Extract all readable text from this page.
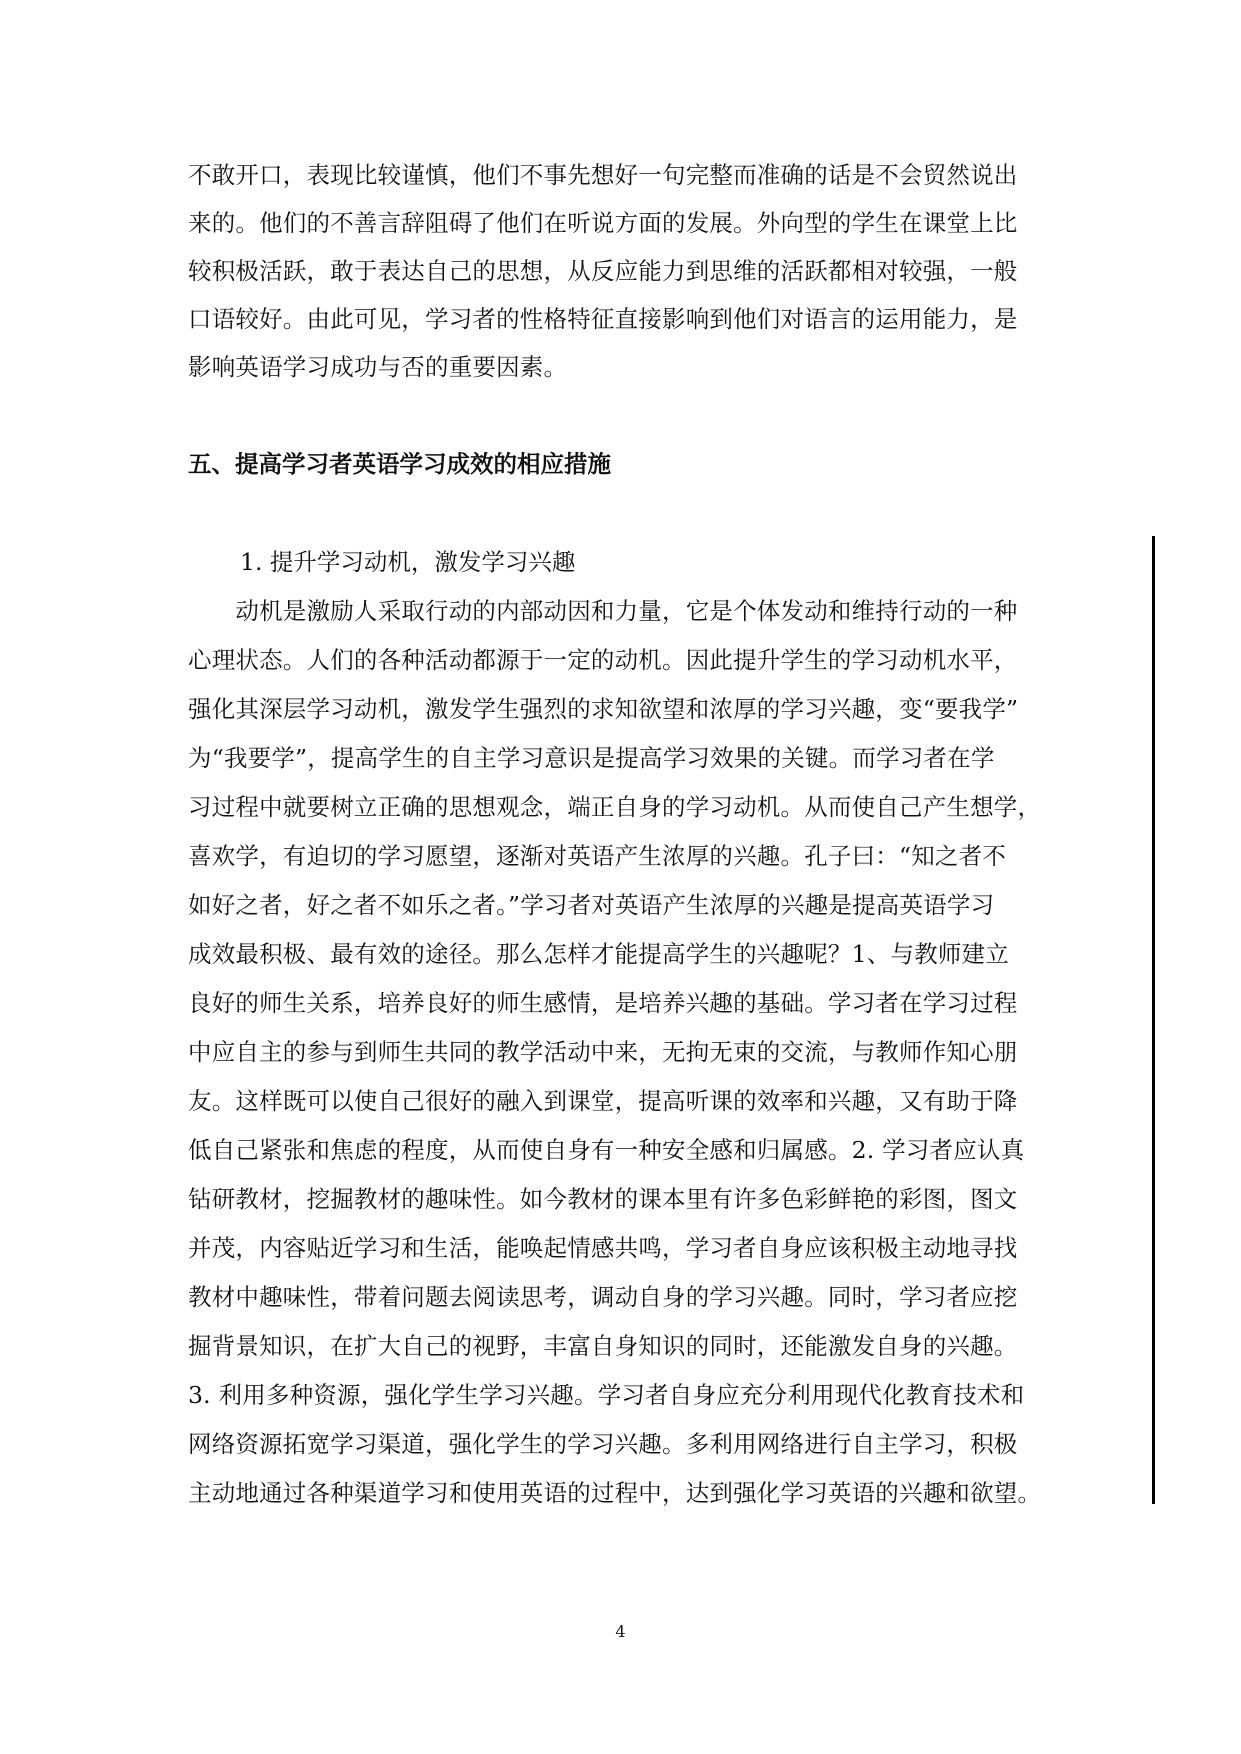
不敢开口，表现比较谨慎，他们不事先想好一句完整而准确的话是不会贸然说出
来的。他们的不善言辞阻碍了他们在听说方面的发展。外向型的学生在课堂上比
较积极活跃，敢于表达自己的思想，从反应能力到思维的活跃都相对较强，一般
口语较好。由此可见，学习者的性格特征直接影响到他们对语言的运用能力，是
影响英语学习成功与否的重要因素。
五、提高学习者英语学习成效的相应措施
1. 提升学习动机，激发学习兴趣
　　动机是激励人采取行动的内部动因和力量，它是个体发动和维持行动的一种
心理状态。人们的各种活动都源于一定的动机。因此提升学生的学习动机水平，
强化其深层学习动机，激发学生强烈的求知欲望和浓厚的学习兴趣，变“要我学”
为“我要学”，提高学生的自主学习意识是提高学习效果的关键。而学习者在学
习过程中就要树立正确的思想观念，端正自身的学习动机。从而使自己产生想学，
喜欢学，有迫切的学习愿望，逐渐对英语产生浓厚的兴趣。孔子曰：“知之者不
如好之者，好之者不如乐之者。”学习者对英语产生浓厚的兴趣是提高英语学习
成效最积极、最有效的途径。那么怎样才能提高学生的兴趣呢？1、与教师建立
良好的师生关系，培养良好的师生感情，是培养兴趣的基础。学习者在学习过程
中应自主的参与到师生共同的教学活动中来，无拘无束的交流，与教师作知心朋
友。这样既可以使自己很好的融入到课堂，提高听课的效率和兴趣，又有助于降
低自己紧张和焦虑的程度，从而使自身有一种安全感和归属感。2. 学习者应认真
钻研教材，挖掘教材的趣味性。如今教材的课本里有许多色彩鲜艳的彩图，图文
并茂，内容贴近学习和生活，能唤起情感共鸣，学习者自身应该积极主动地寻找
教材中趣味性，带着问题去阅读思考，调动自身的学习兴趣。同时，学习者应挖
掘背景知识，在扩大自己的视野，丰富自身知识的同时，还能激发自身的兴趣。
3. 利用多种资源，强化学生学习兴趣。学习者自身应充分利用现代化教育技术和
网络资源拓宽学习渠道，强化学生的学习兴趣。多利用网络进行自主学习，积极
主动地通过各种渠道学习和使用英语的过程中，达到强化学习英语的兴趣和欲望。
4
